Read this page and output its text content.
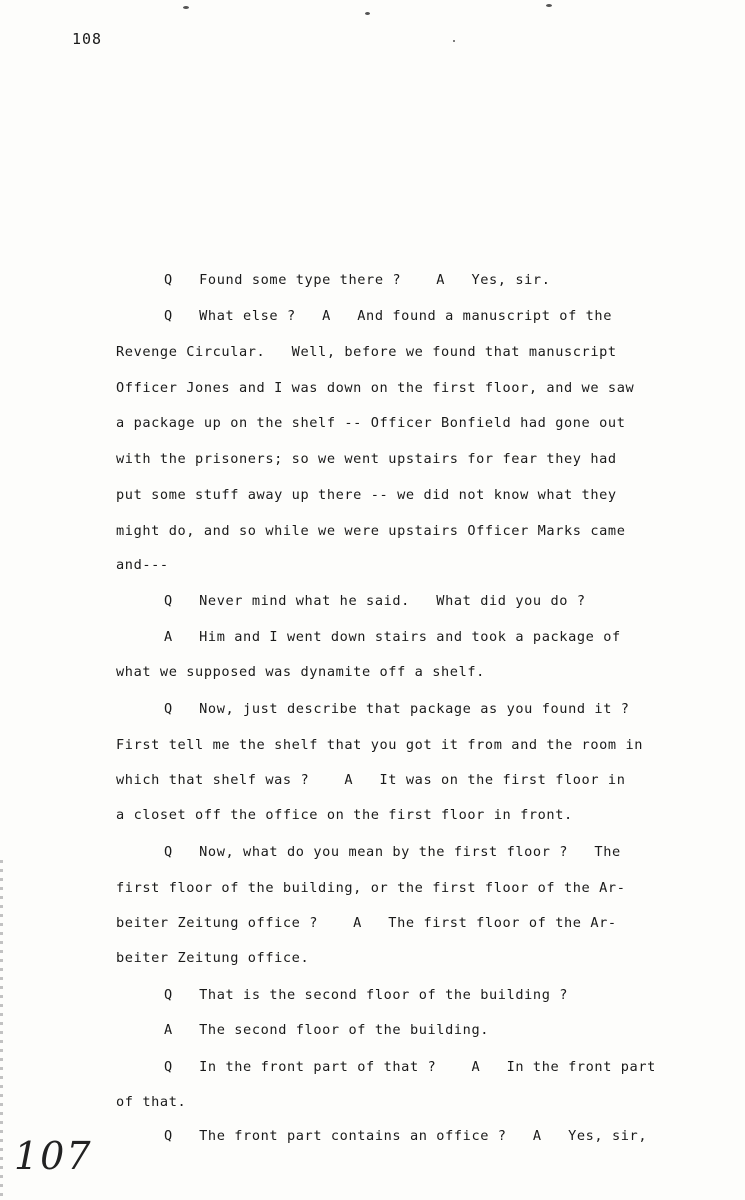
108
Q   Found some type there ?    A   Yes, sir.
Q   What else ?   A   And found a manuscript of the
Revenge Circular.   Well, before we found that manuscript
Officer Jones and I was down on the first floor, and we saw
a package up on the shelf -- Officer Bonfield had gone out
with the prisoners; so we went upstairs for fear they had
put some stuff away up there -- we did not know what they
might do, and so while we were upstairs Officer Marks came
and---
Q   Never mind what he said.   What did you do ?
A   Him and I went down stairs and took a package of
what we supposed was dynamite off a shelf.
Q   Now, just describe that package as you found it ?
First tell me the shelf that you got it from and the room in
which that shelf was ?    A   It was on the first floor in
a closet off the office on the first floor in front.
Q   Now, what do you mean by the first floor ?   The
first floor of the building, or the first floor of the Ar-
beiter Zeitung office ?    A   The first floor of the Ar-
beiter Zeitung office.
Q   That is the second floor of the building ?
A   The second floor of the building.
Q   In the front part of that ?    A   In the front part
of that.
Q   The front part contains an office ?   A   Yes, sir,
107
